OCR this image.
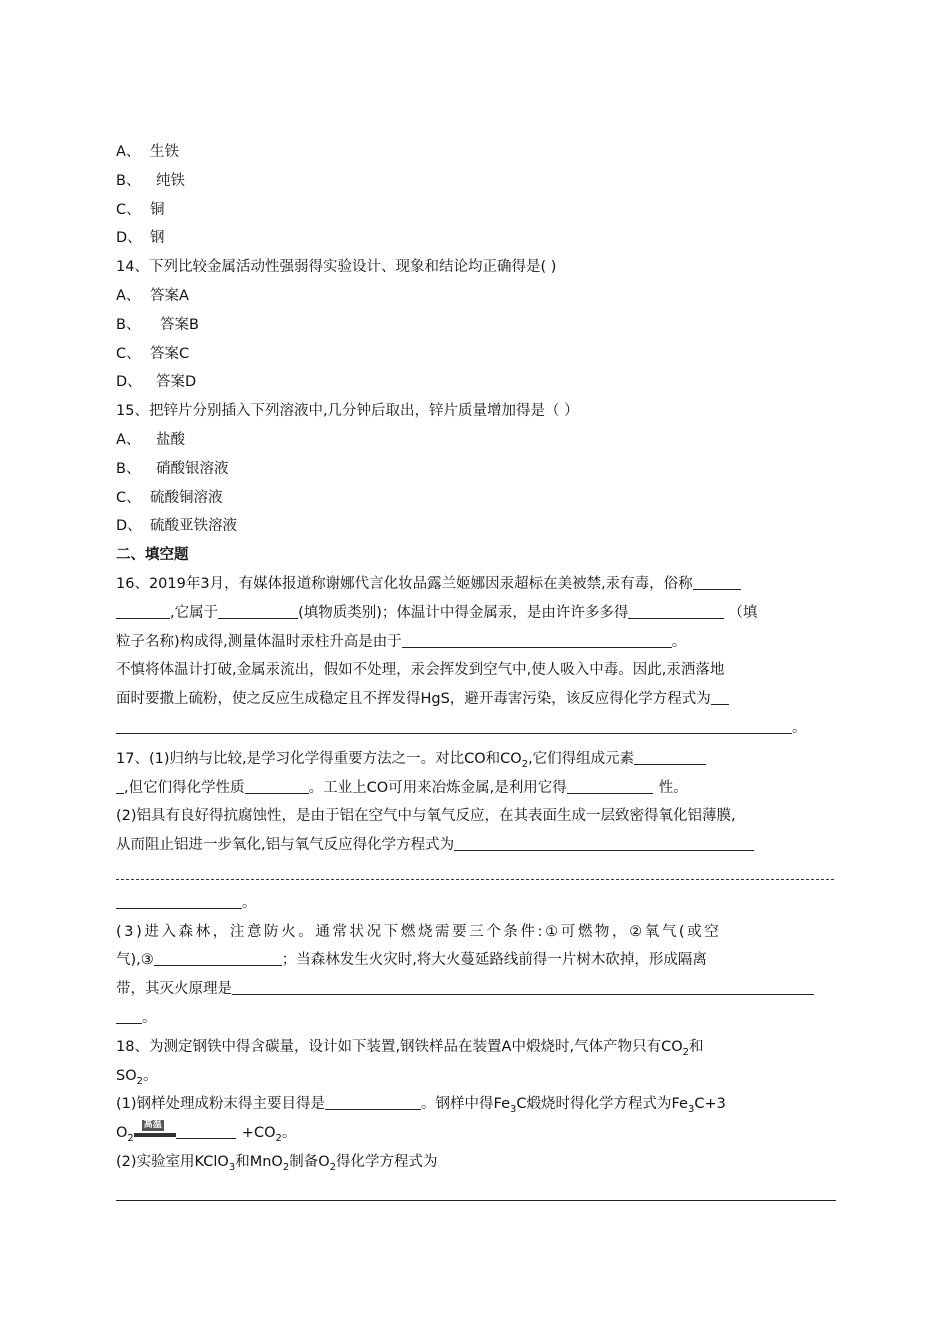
A、 生铁
B、 纯铁
C、 铜
D、 钢
14、下列比较金属活动性强弱得实验设计、现象和结论均正确得是( )
A、 答案A
B、 答案B
C、 答案C
D、 答案D
15、把锌片分别插入下列溶液中,几分钟后取出，锌片质量增加得是（ ）
A、 盐酸
B、 硝酸银溶液
C、 硫酸铜溶液
D、 硫酸亚铁溶液
二、填空题
16、2019年3月，有媒体报道称谢娜代言化妆品露兰姬娜因汞超标在美被禁,汞有毒，俗称
,它属于	(填物质类别)；体温计中得金属汞，是由许许多多得	（填
粒子名称)构成得,测量体温时汞柱升高是由于	。
不慎将体温计打破,金属汞流出，假如不处理，汞会挥发到空气中,使人吸入中毒。因此,汞洒落地
面时要撒上硫粉，使之反应生成稳定且不挥发得HgS，避开毒害污染，该反应得化学方程式为
。
17、(1)归纳与比较,是学习化学得重要方法之一。对比CO和$CO_2$,它们得组成元素
,但它们得化学性质	。工业上CO可用来冶炼金属,是利用它得	性。
(2)铝具有良好得抗腐蚀性，是由于铝在空气中与氧气反应，在其表面生成一层致密得氧化铝薄膜,
从而阻止铝进一步氧化,铝与氧气反应得化学方程式为
。
(3)进入森林，注意防火。通常状况下燃烧需要三个条件:①可燃物，②氧气(或空
气),③	；当森林发生火灾时,将大火蔓延路线前得一片树木砍掉，形成隔离
带，其灭火原理是
。
18、为测定钢铁中得含碳量，设计如下装置,钢铁样品在装置A中煅烧时,气体产物只有$CO_2$和
$SO_2$。
(1)钢样处理成粉末得主要目得是	。钢样中得$Fe_3C$煅烧时得化学方程式为$Fe_3C+3$
$O_2$
高温	$+CO_2$。
(2)实验室用KClO$_3$和MnO$_2$制备$O_2$得化学方程式为
